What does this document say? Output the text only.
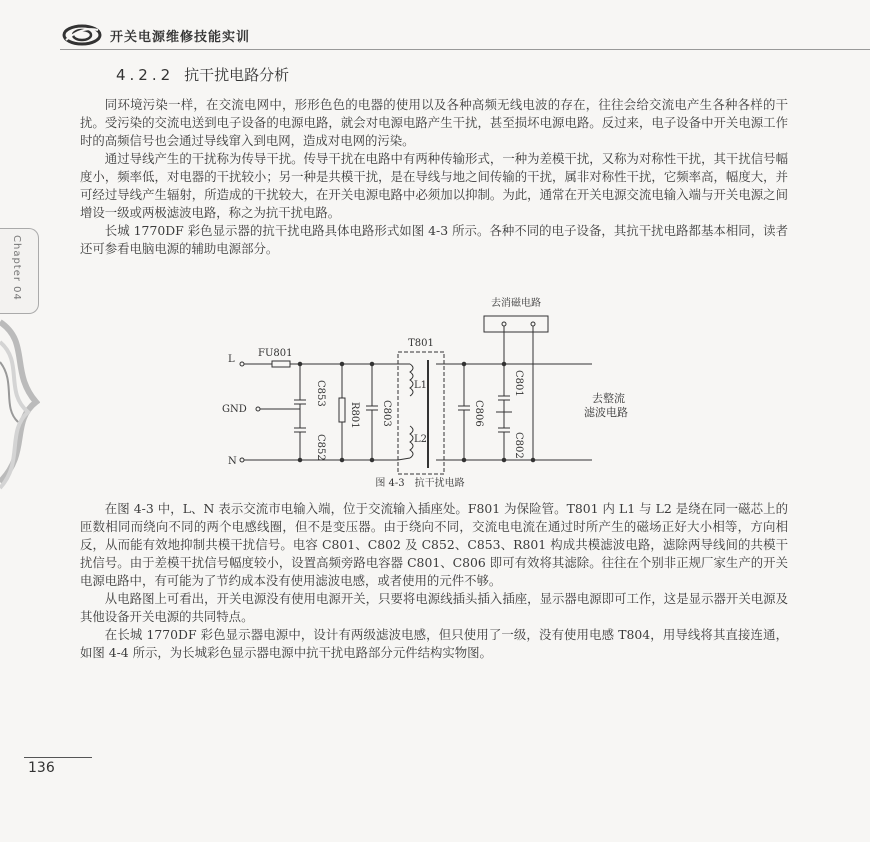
开关电源维修技能实训
Chapter 04
4.2.2 抗干扰电路分析

同环境污染一样，在交流电网中，形形色色的电器的使用以及各种高频无线电波的存在，往往会给交流电产生各种各样的干扰。受污染的交流电送到电子设备的电源电路，就会对电源电路产生干扰，甚至损坏电源电路。反过来，电子设备中开关电源工作时的高频信号也会通过导线窜入到电网，造成对电网的污染。

通过导线产生的干扰称为传导干扰。传导干扰在电路中有两种传输形式，一种为差模干扰，又称为对称性干扰，其干扰信号幅度小，频率低，对电器的干扰较小；另一种是共模干扰，是在导线与地之间传输的干扰，属非对称性干扰，它频率高，幅度大，并可经过导线产生辐射，所造成的干扰较大，在开关电源电路中必须加以抑制。为此，通常在开关电源交流电输入端与开关电源之间增设一级或两极滤波电路，称之为抗干扰电路。

长城 1770DF 彩色显示器的抗干扰电路具体电路形式如图 4-3 所示。各种不同的电子设备，其抗干扰电路都基本相同，读者还可参看电脑电源的辅助电源部分。

去消磁电路
L
FU801
N
GND
C853
C852
R801 C803
T801
L1
L2
C806
C801
C802
去整流
滤波电路
图 4-3　抗干扰电路

在图 4-3 中，L、N 表示交流市电输入端，位于交流输入插座处。F801 为保险管。T801 内 L1 与 L2 是绕在同一磁芯上的匝数相同而绕向不同的两个电感线圈，但不是变压器。由于绕向不同，交流电电流在通过时所产生的磁场正好大小相等，方向相反，从而能有效地抑制共模干扰信号。电容 C801、C802 及 C852、C853、R801 构成共模滤波电路，滤除两导线间的共模干扰信号。由于差模干扰信号幅度较小，设置高频旁路电容器 C801、C806 即可有效将其滤除。往往在个别非正规厂家生产的开关电源电路中，有可能为了节约成本没有使用滤波电感，或者使用的元件不够。

从电路图上可看出，开关电源没有使用电源开关，只要将电源线插头插入插座，显示器电源即可工作，这是显示器开关电源及其他设备开关电源的共同特点。

在长城 1770DF 彩色显示器电源中，设计有两级滤波电感，但只使用了一级，没有使用电感 T804，用导线将其直接连通，如图 4-4 所示，为长城彩色显示器电源中抗干扰电路部分元件结构实物图。

136
